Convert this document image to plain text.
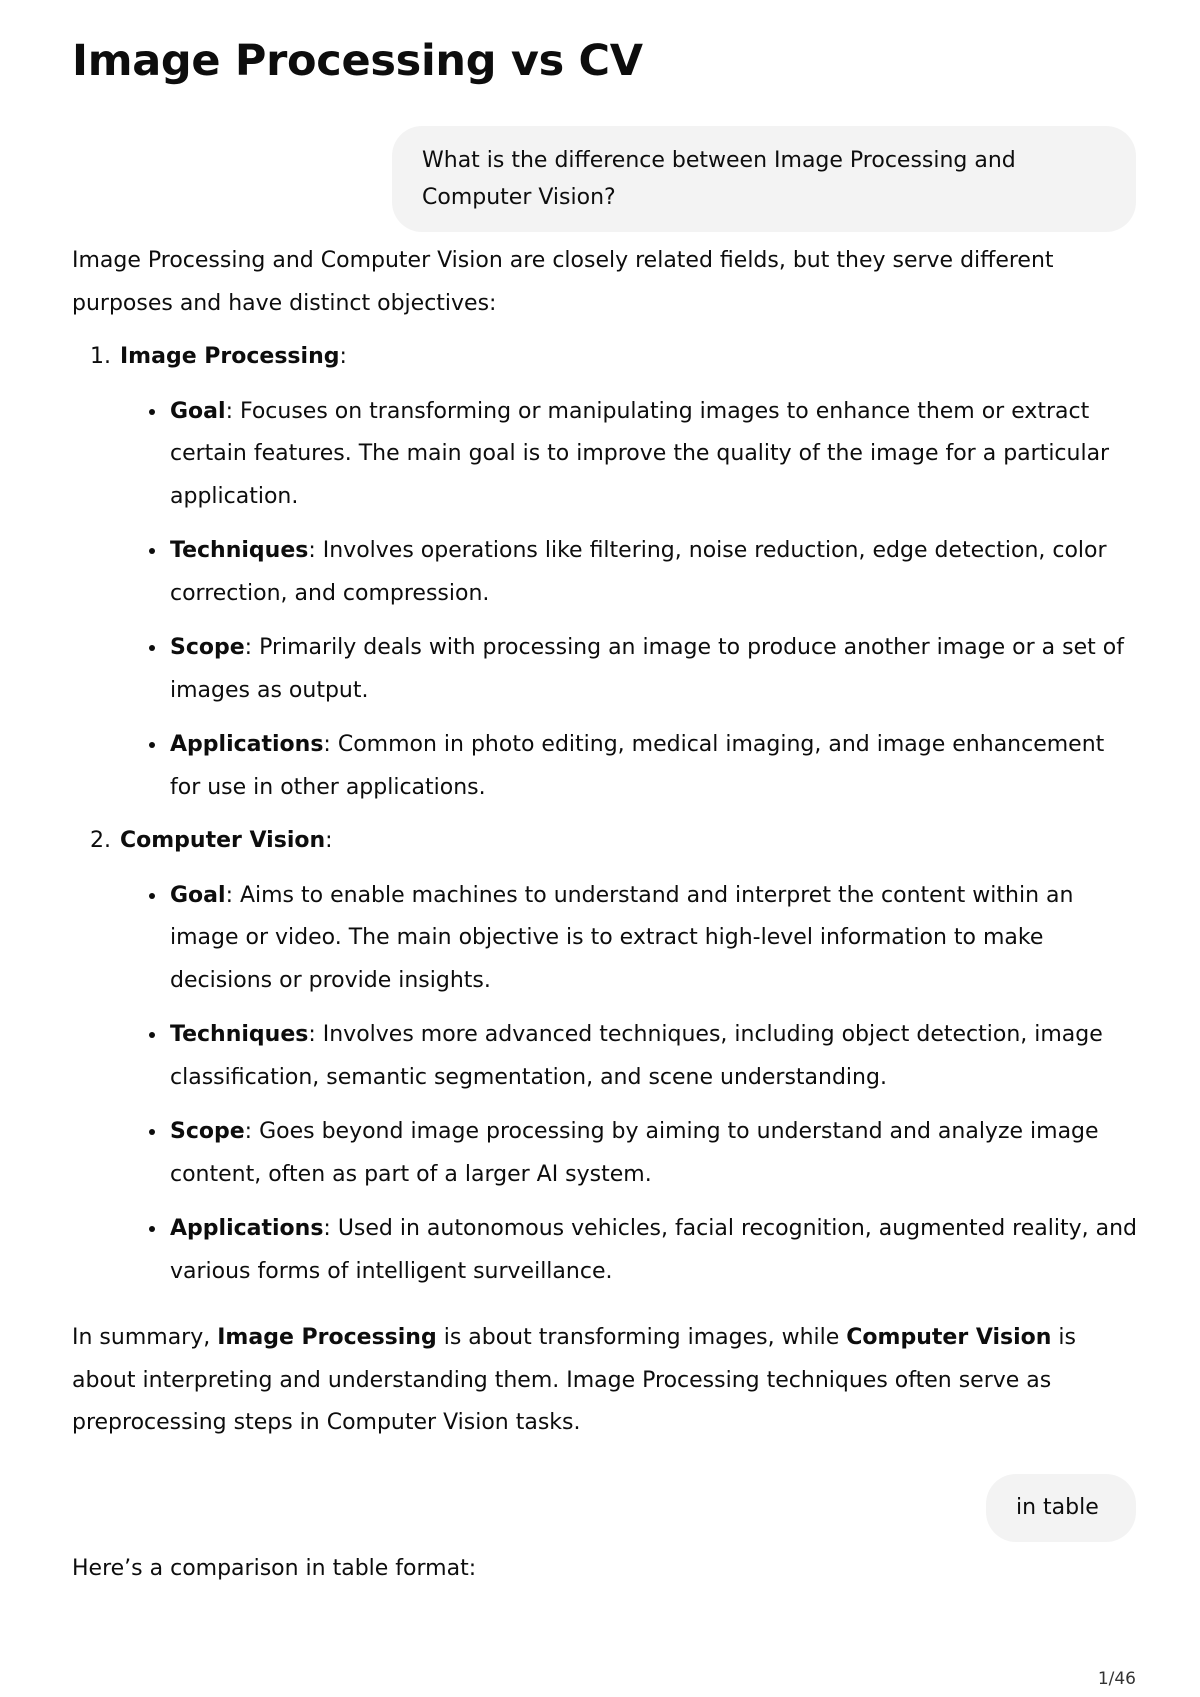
Image Processing vs CV
What is the difference between Image Processing and Computer Vision?

Image Processing and Computer Vision are closely related fields, but they serve different purposes and have distinct objectives:

1. Image Processing:
• Goal: Focuses on transforming or manipulating images to enhance them or extract certain features. The main goal is to improve the quality of the image for a particular application.
• Techniques: Involves operations like filtering, noise reduction, edge detection, color correction, and compression.
• Scope: Primarily deals with processing an image to produce another image or a set of images as output.
• Applications: Common in photo editing, medical imaging, and image enhancement for use in other applications.
2. Computer Vision:
• Goal: Aims to enable machines to understand and interpret the content within an image or video. The main objective is to extract high-level information to make decisions or provide insights.
• Techniques: Involves more advanced techniques, including object detection, image classification, semantic segmentation, and scene understanding.
• Scope: Goes beyond image processing by aiming to understand and analyze image content, often as part of a larger AI system.
• Applications: Used in autonomous vehicles, facial recognition, augmented reality, and various forms of intelligent surveillance.

In summary, Image Processing is about transforming images, while Computer Vision is about interpreting and understanding them. Image Processing techniques often serve as preprocessing steps in Computer Vision tasks.

in table

Here’s a comparison in table format:

1/46
